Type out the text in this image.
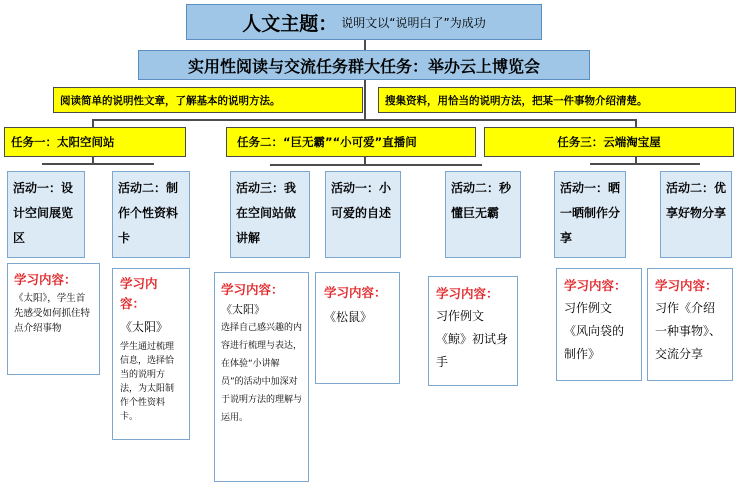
人文主题： 说明文以“说明白了”为成功
实用性阅读与交流任务群大任务：举办云上博览会
阅读简单的说明性文章，了解基本的说明方法。	搜集资料，用恰当的说明方法，把某一件事物介绍清楚。
任务一：太阳空间站	任务二：“巨无霸”“小可爱”直播间	任务三：云端淘宝屋
活动一：设计空间展览区
活动二：制作个性资料卡
活动三：我在空间站做讲解
活动一：小可爱的自述
活动二：秒懂巨无霸
活动一：晒一晒制作分享
活动二：优享好物分享
学习内容：
《太阳》，学生首先感受如何抓住特点介绍事物
学习内容：
《太阳》
学生通过梳理信息，选择恰当的说明方法，为太阳制作个性资料卡。
学习内容：
《太阳》
选择自己感兴趣的内容进行梳理与表达，在体验“小讲解员”的活动中加深对于说明方法的理解与运用。
学习内容：
《松鼠》
学习内容：
习作例文《鲸》初试身手
学习内容：
习作例文《风向袋的制作》
学习内容：
习作《介绍一种事物》、交流分享
